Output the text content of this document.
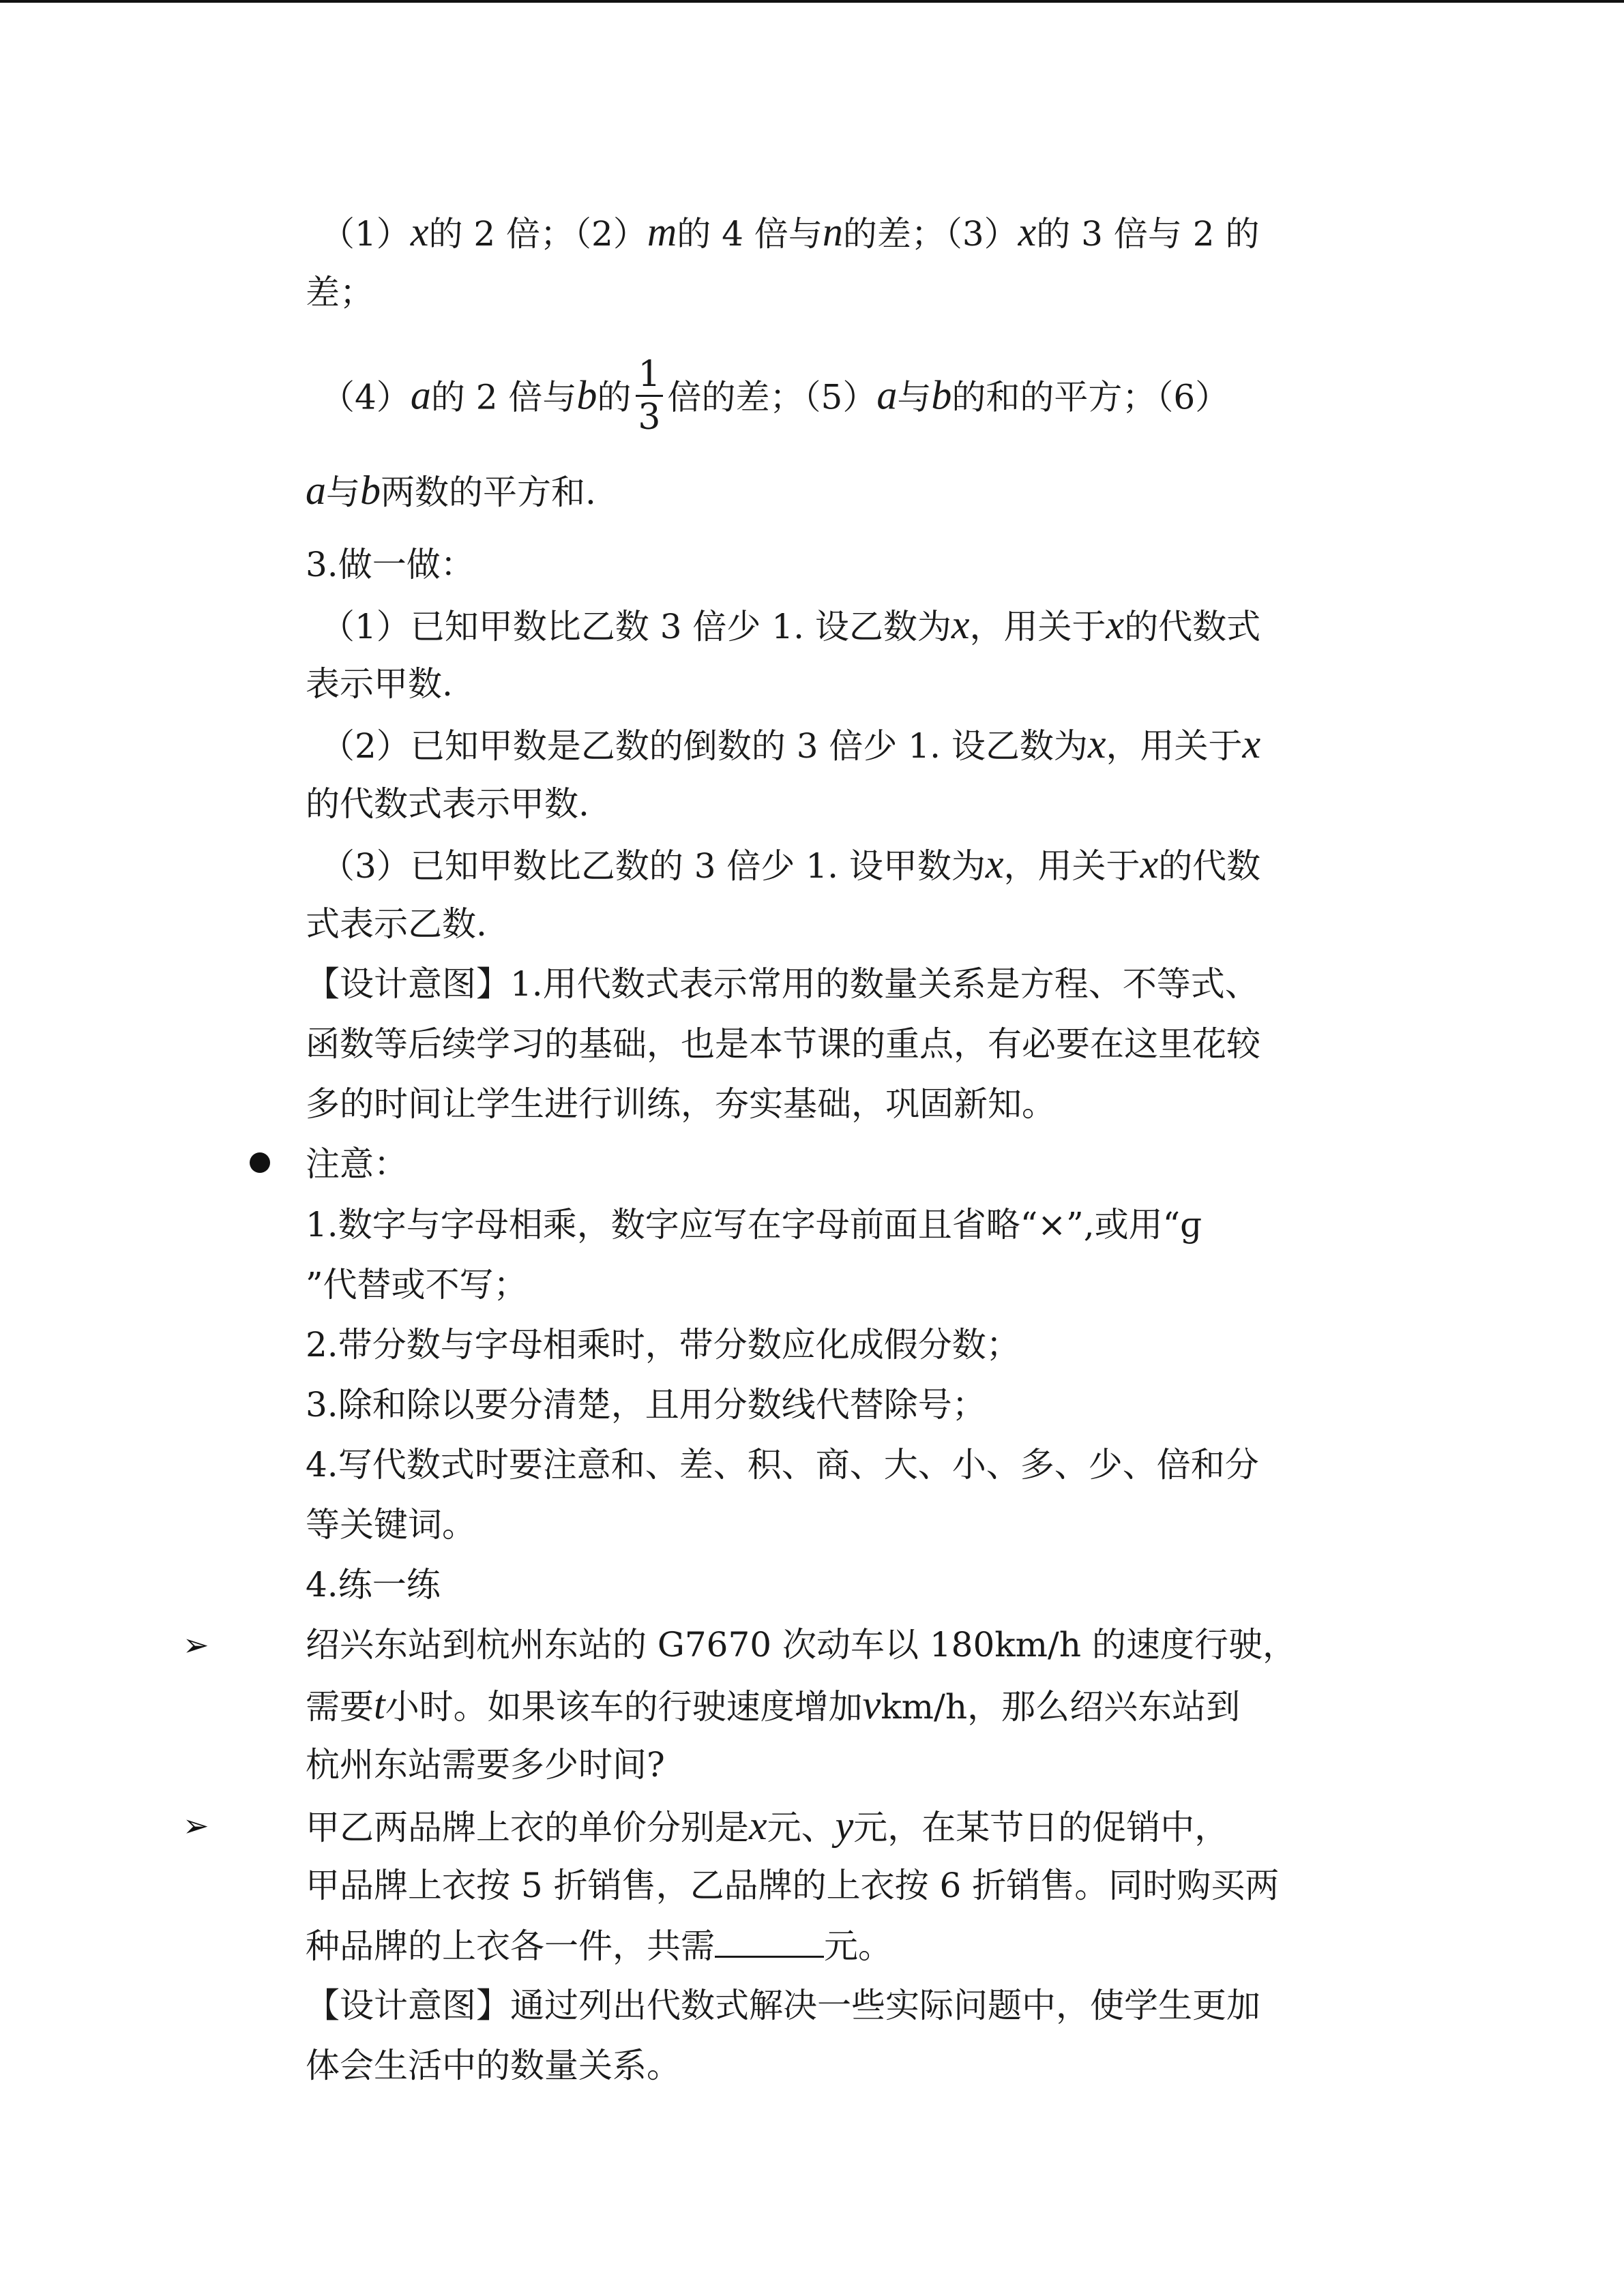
（1）x的 2 倍；（2）m的 4 倍与n的差；（3）x的 3 倍与 2 的
差；
（4）a的 2 倍与b的 $\frac{1}{3}$ 倍的差；（5）a与b的和的平方；（6）
a与b两数的平方和.
3.做一做：
（1）已知甲数比乙数 3 倍少 1. 设乙数为x，用关于x的代数式
表示甲数.
（2）已知甲数是乙数的倒数的 3 倍少 1. 设乙数为x，用关于x
的代数式表示甲数.
（3）已知甲数比乙数的 3 倍少 1. 设甲数为x，用关于x的代数
式表示乙数.
【设计意图】1.用代数式表示常用的数量关系是方程、不等式、
函数等后续学习的基础，也是本节课的重点，有必要在这里花较
多的时间让学生进行训练，夯实基础，巩固新知。
注意：
1.数字与字母相乘，数字应写在字母前面且省略“×”,或用“ɡ
”代替或不写；
2.带分数与字母相乘时，带分数应化成假分数；
3.除和除以要分清楚，且用分数线代替除号；
4.写代数式时要注意和、差、积、商、大、小、多、少、倍和分
等关键词。
4.练一练
➢	绍兴东站到杭州东站的 G7670 次动车以 180km/h 的速度行驶，
需要t小时。如果该车的行驶速度增加vkm/h，那么绍兴东站到
杭州东站需要多少时间?
➢	甲乙两品牌上衣的单价分别是x元、y元，在某节日的促销中，
甲品牌上衣按 5 折销售，乙品牌的上衣按 6 折销售。同时购买两
种品牌的上衣各一件，共需	元。
【设计意图】通过列出代数式解决一些实际问题中，使学生更加
体会生活中的数量关系。
